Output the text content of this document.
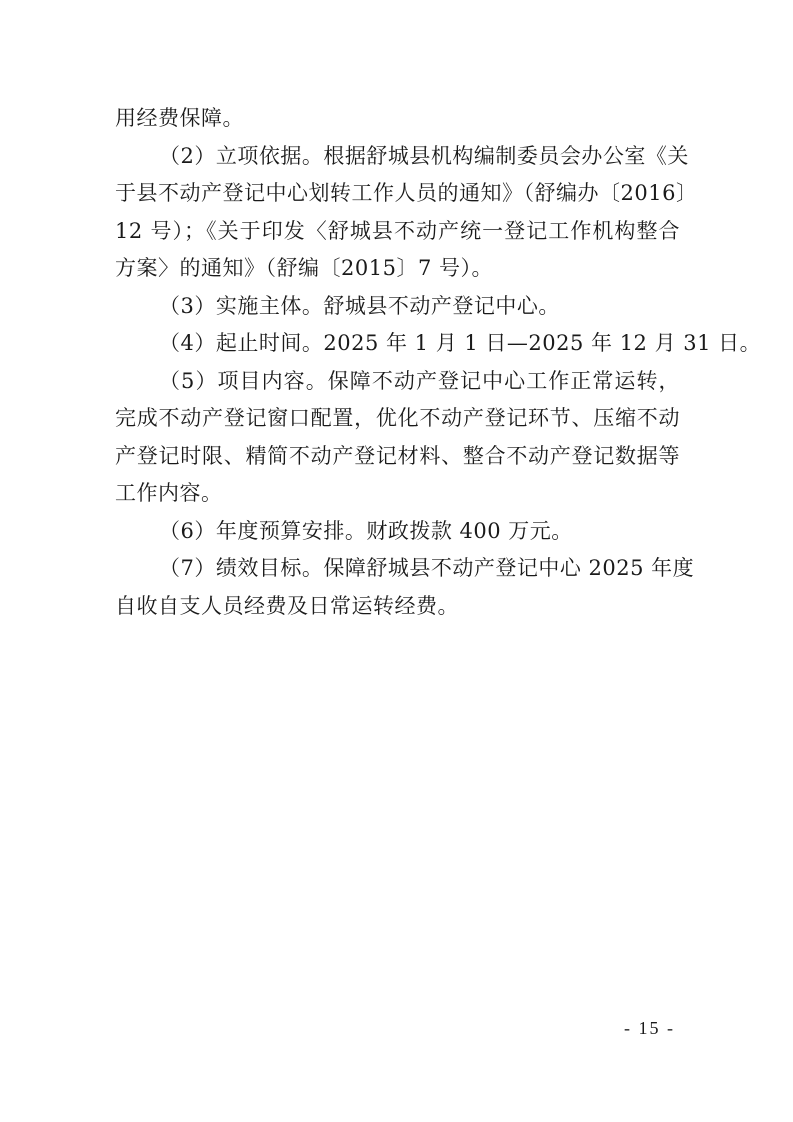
用经费保障。
（2）立项依据。根据舒城县机构编制委员会办公室《关
于县不动产登记中心划转工作人员的通知》（舒编办〔2016〕
12 号）；《关于印发〈舒城县不动产统一登记工作机构整合
方案〉的通知》（舒编〔2015〕7 号）。
（3）实施主体。舒城县不动产登记中心。
（4）起止时间。2025 年 1 月 1 日—2025 年 12 月 31 日。
（5）项目内容。保障不动产登记中心工作正常运转，
完成不动产登记窗口配置，优化不动产登记环节、压缩不动
产登记时限、精简不动产登记材料、整合不动产登记数据等
工作内容。
（6）年度预算安排。财政拨款 400 万元。
（7）绩效目标。保障舒城县不动产登记中心 2025 年度
自收自支人员经费及日常运转经费。
- 15 -
